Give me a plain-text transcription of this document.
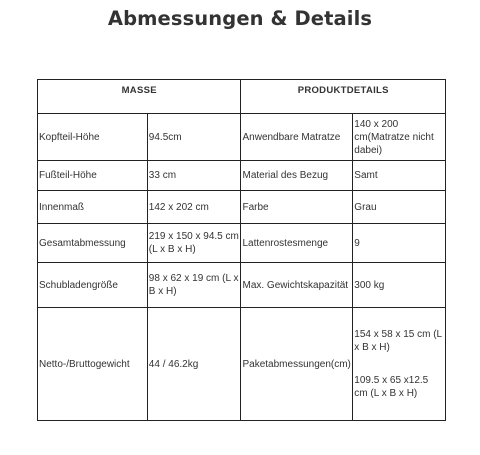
Abmessungen & Details
MASSE		PRODUKTDETAILS	
Kopfteil-Höhe	94.5cm	Anwendbare Matratze	140 x 200 cm(Matratze nicht dabei)
Fußteil-Höhe	33 cm	Material des Bezug	Samt
Innenmaß	142 x 202 cm	Farbe	Grau
Gesamtabmessung	219 x 150 x 94.5 cm (L x B x H)	Lattenrostesmenge	9
Schubladengröße	98 x 62 x 19 cm (L x B x H)	Max. Gewichtskapazität	300 kg
Netto-/Bruttogewicht	44 / 46.2kg	Paketabmessungen(cm)	154 x 58 x 15 cm (L x B x H)
109.5 x 65 x12.5 cm (L x B x H)
